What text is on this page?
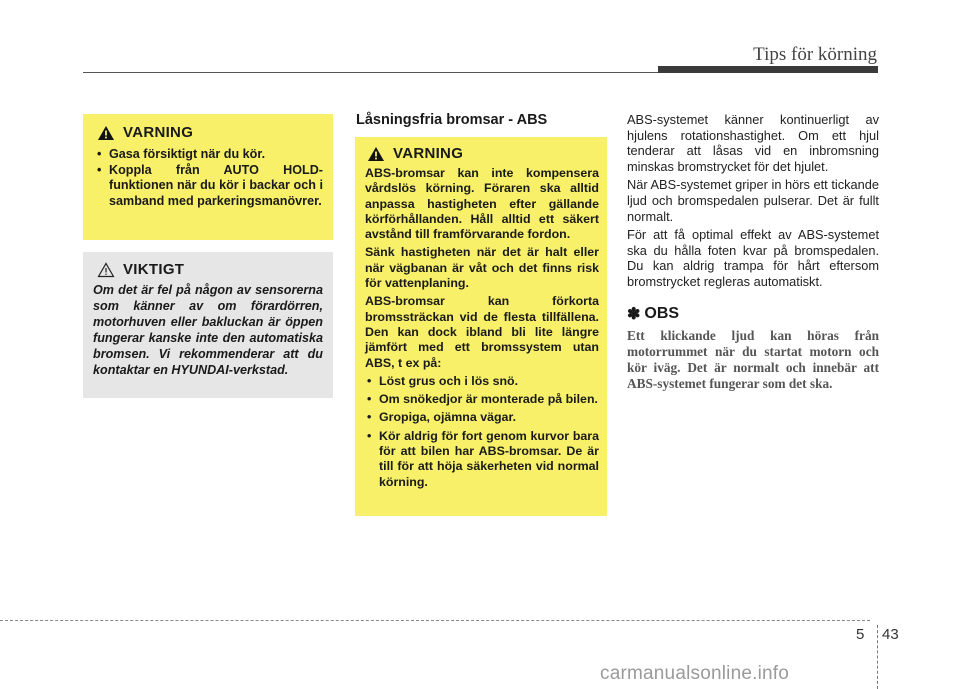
Tips för körning
VARNING
• Gasa försiktigt när du kör.
• Koppla från AUTO HOLD-funktionen när du kör i backar och i samband med parkeringsmanövrer.
VIKTIGT
Om det är fel på någon av sensorerna som känner av om förardörren, motorhuven eller bakluckan är öppen fungerar kanske inte den automatiska bromsen. Vi rekommenderar att du kontaktar en HYUNDAI-verkstad.
Låsningsfria bromsar - ABS
VARNING

ABS-bromsar kan inte kompensera vårdslös körning. Föraren ska alltid anpassa hastigheten efter gällande körförhållanden. Håll alltid ett säkert avstånd till framförvarande fordon.

Sänk hastigheten när det är halt eller när vägbanan är våt och det finns risk för vattenplaning.

ABS-bromsar kan förkorta bromssträckan vid de flesta tillfällena. Den kan dock ibland bli lite längre jämfört med ett bromssystem utan ABS, t ex på:

• Löst grus och i lös snö.
• Om snökedjor är monterade på bilen.
• Gropiga, ojämna vägar.
• Kör aldrig för fort genom kurvor bara för att bilen har ABS-bromsar. De är till för att höja säkerheten vid normal körning.

ABS-systemet känner kontinuerligt av hjulens rotationshastighet. Om ett hjul tenderar att låsas vid en inbromsning minskas bromstrycket för det hjulet.

När ABS-systemet griper in hörs ett tickande ljud och bromspedalen pulserar. Det är fullt normalt.

För att få optimal effekt av ABS-systemet ska du hålla foten kvar på bromspedalen. Du kan aldrig trampa för hårt eftersom bromstrycket regleras automatiskt.

✽ OBS

Ett klickande ljud kan höras från motorrummet när du startat motorn och kör iväg. Det är normalt och innebär att ABS-systemet fungerar som det ska.

5 43
carmanualsonline.info
